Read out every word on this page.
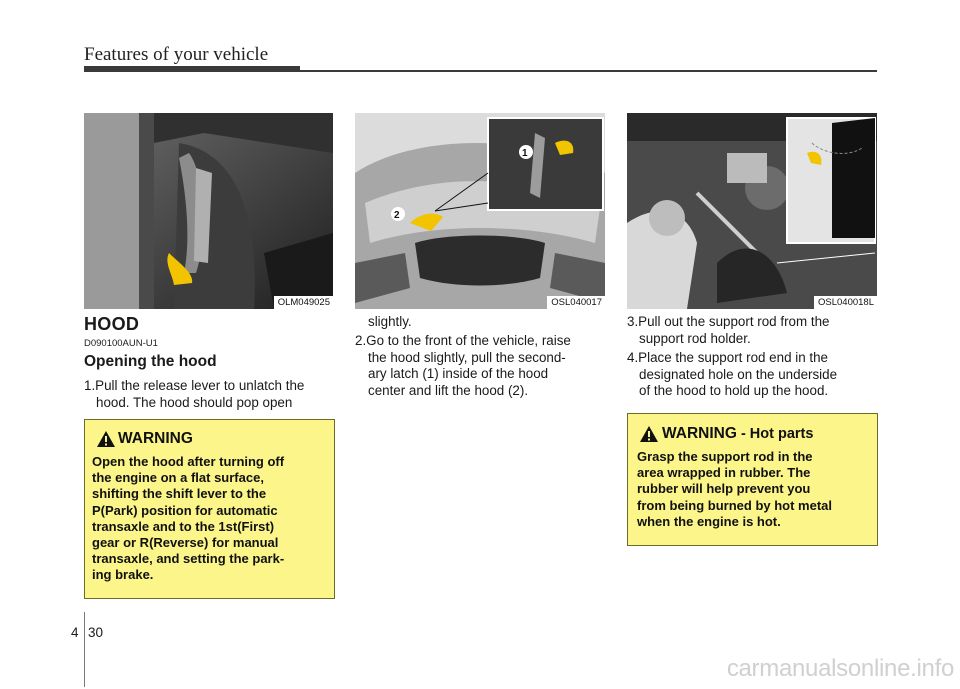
Features of your vehicle
OLM049025
1
2
OSL040017	OSL040018L
HOOD
D090100AUN-U1
Opening the hood
1.Pull the release lever to unlatch the
hood. The hood should pop open
slightly.
2.Go to the front of the vehicle, raise
the hood slightly, pull the second-
ary latch (1) inside of the hood
center and lift the hood (2).
3.Pull out the support rod from the
support rod holder.
4.Place the support rod end in the
designated hole on the underside
of the hood to hold up the hood.
WARNING
Open the hood after turning off
the engine on a flat surface,
shifting the shift lever to the
P(Park) position for automatic
transaxle and to the 1st(First)
gear or R(Reverse) for manual
transaxle, and setting the park-
ing brake.
WARNING - Hot parts
Grasp the support rod in the
area wrapped in rubber. The
rubber will help prevent you
from being burned by hot metal
when the engine is hot.
4 30
carmanualsonline.info
